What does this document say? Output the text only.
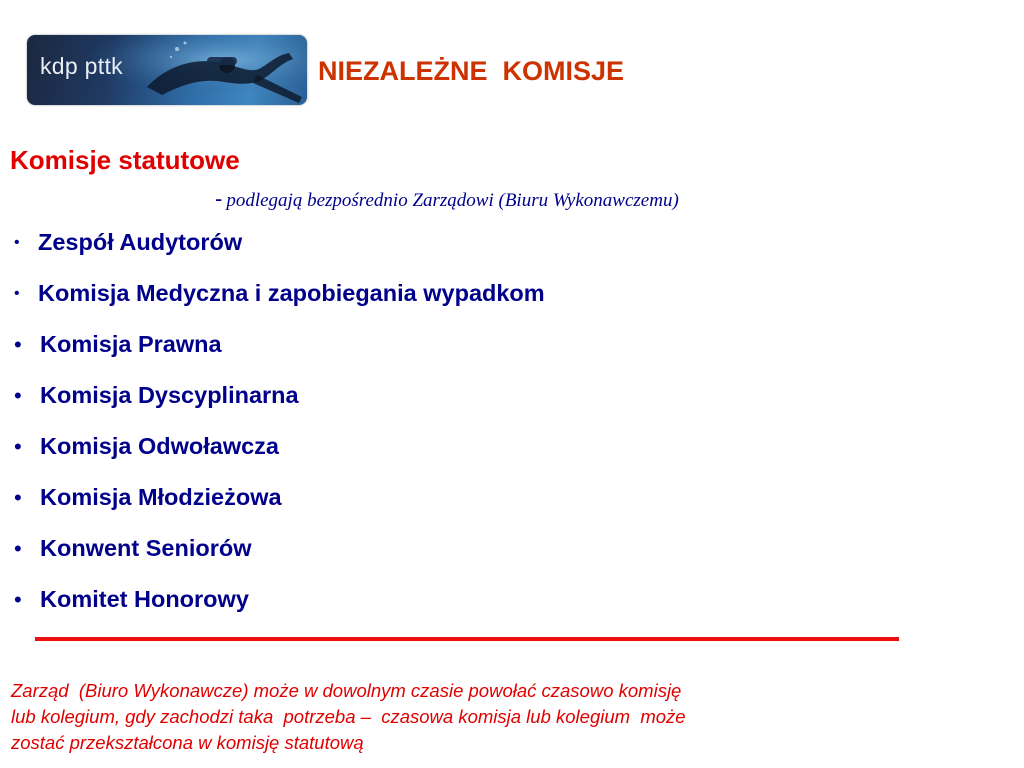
kdp pttk	NIEZALEŻNE  KOMISJE
Komisje statutowe
- podlegają bezpośrednio Zarządowi (Biuru Wykonawczemu)
• Zespół Audytorów
• Komisja Medyczna i zapobiegania wypadkom
• Komisja Prawna
• Komisja Dyscyplinarna
• Komisja Odwoławcza
• Komisja Młodzieżowa
• Konwent Seniorów
• Komitet Honorowy
Zarząd  (Biuro Wykonawcze) może w dowolnym czasie powołać czasowo komisję
lub kolegium, gdy zachodzi taka  potrzeba –  czasowa komisja lub kolegium  może
zostać przekształcona w komisję statutową
